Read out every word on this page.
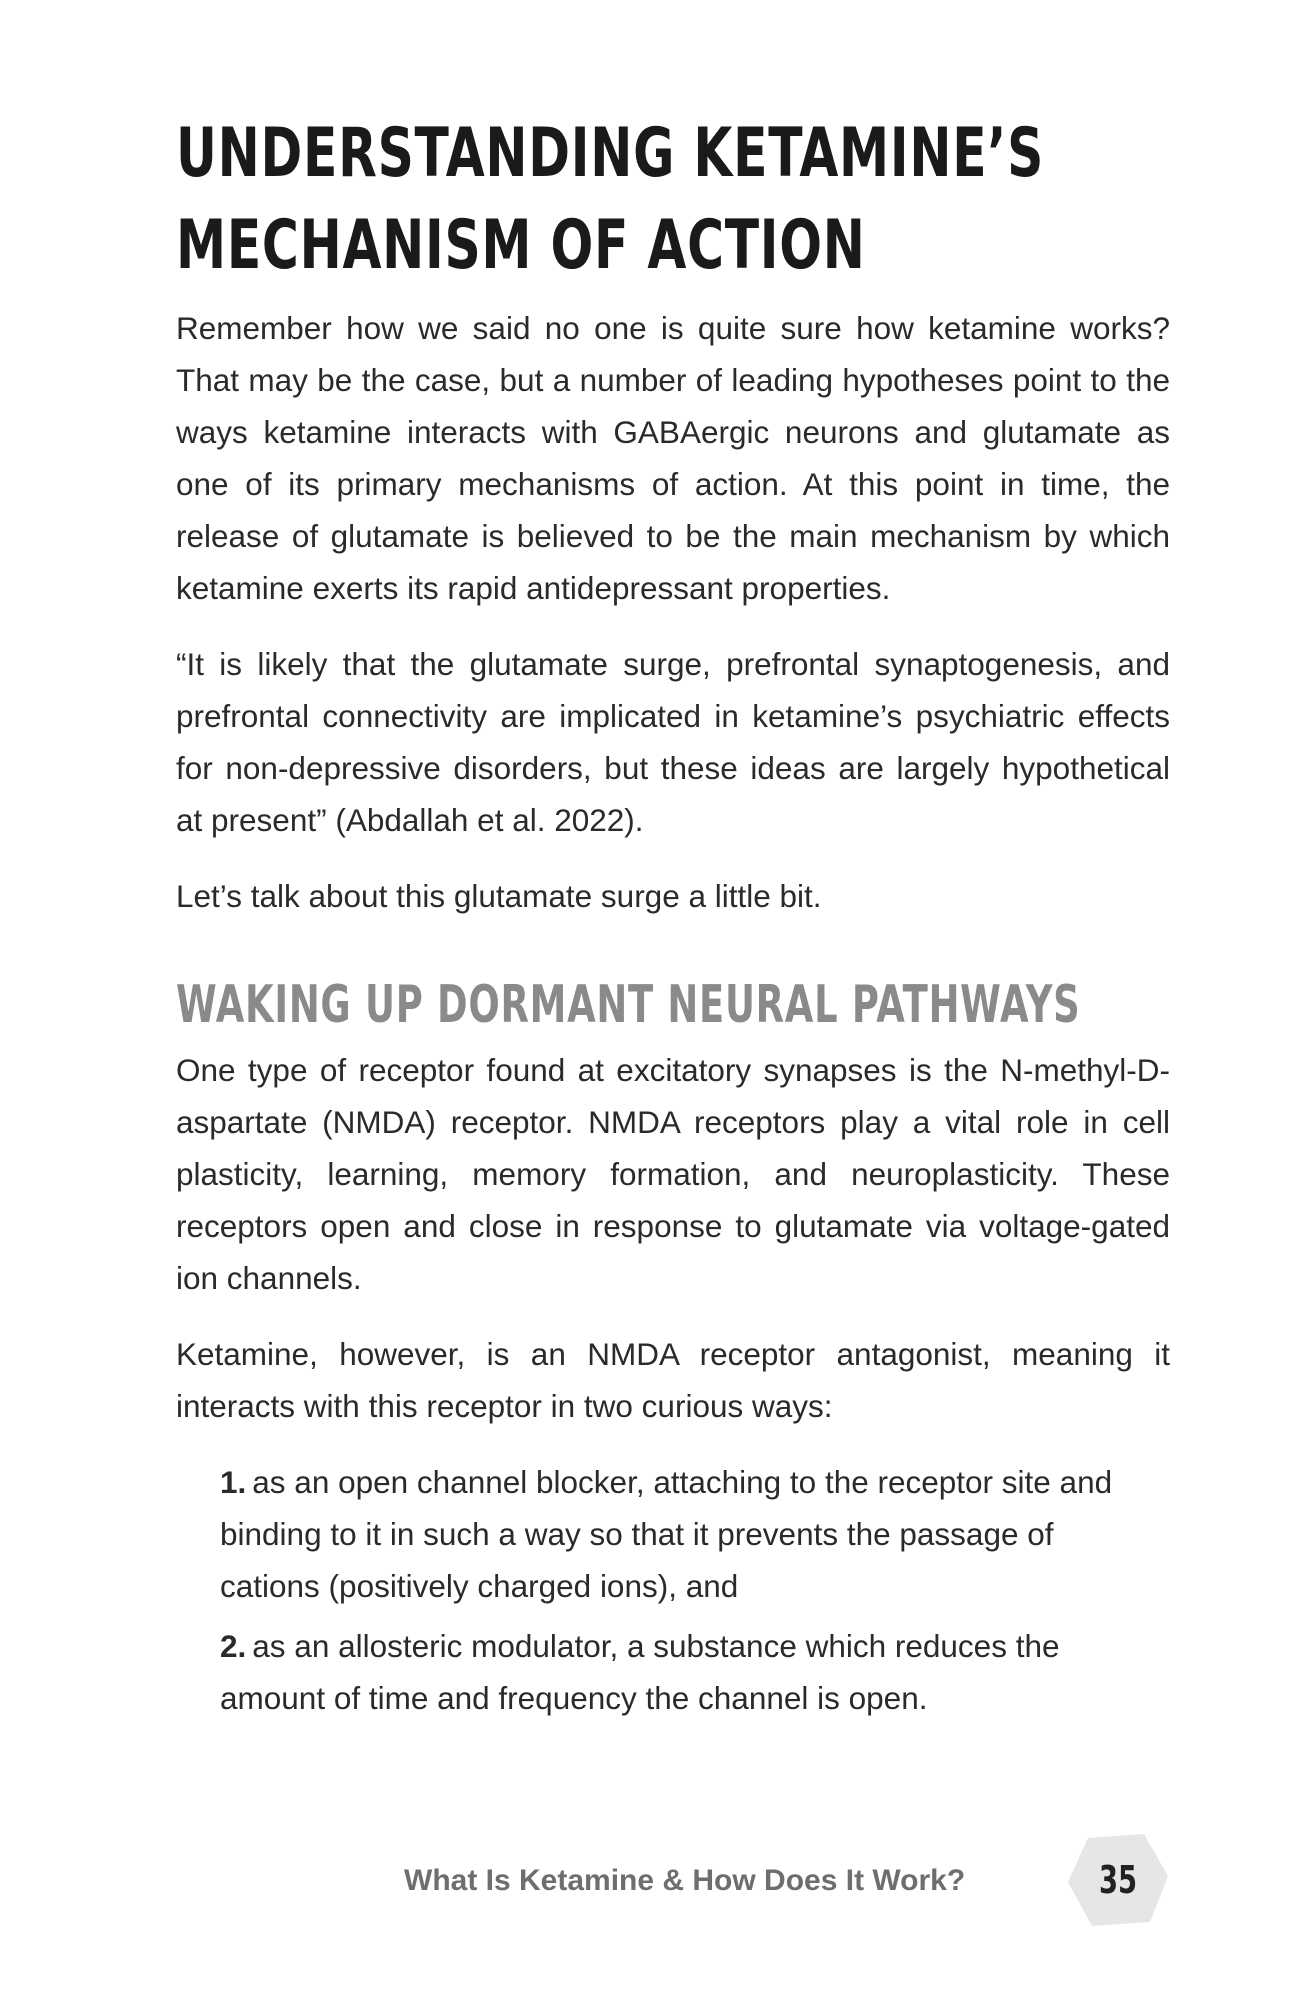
UNDERSTANDING KETAMINE’S
MECHANISM OF ACTION

Remember how we said no one is quite sure how ketamine works? That may be the case, but a number of leading hypotheses point to the ways ketamine interacts with GABAergic neurons and glutamate as one of its primary mechanisms of action. At this point in time, the release of glutamate is believed to be the main mechanism by which ketamine exerts its rapid antidepressant properties.

“It is likely that the glutamate surge, prefrontal synaptogenesis, and prefrontal connectivity are implicated in ketamine’s psychiatric effects for non-depressive disorders, but these ideas are largely hypothetical at present” (Abdallah et al. 2022).

Let’s talk about this glutamate surge a little bit.

WAKING UP DORMANT NEURAL PATHWAYS

One type of receptor found at excitatory synapses is the N-methyl-D-aspartate (NMDA) receptor. NMDA receptors play a vital role in cell plasticity, learning, memory formation, and neuroplasticity. These receptors open and close in response to glutamate via voltage-gated ion channels.

Ketamine, however, is an NMDA receptor antagonist, meaning it interacts with this receptor in two curious ways:

1. as an open channel blocker, attaching to the receptor site and binding to it in such a way so that it prevents the passage of cations (positively charged ions), and
2. as an allosteric modulator, a substance which reduces the amount of time and frequency the channel is open.
What Is Ketamine & How Does It Work?	35
